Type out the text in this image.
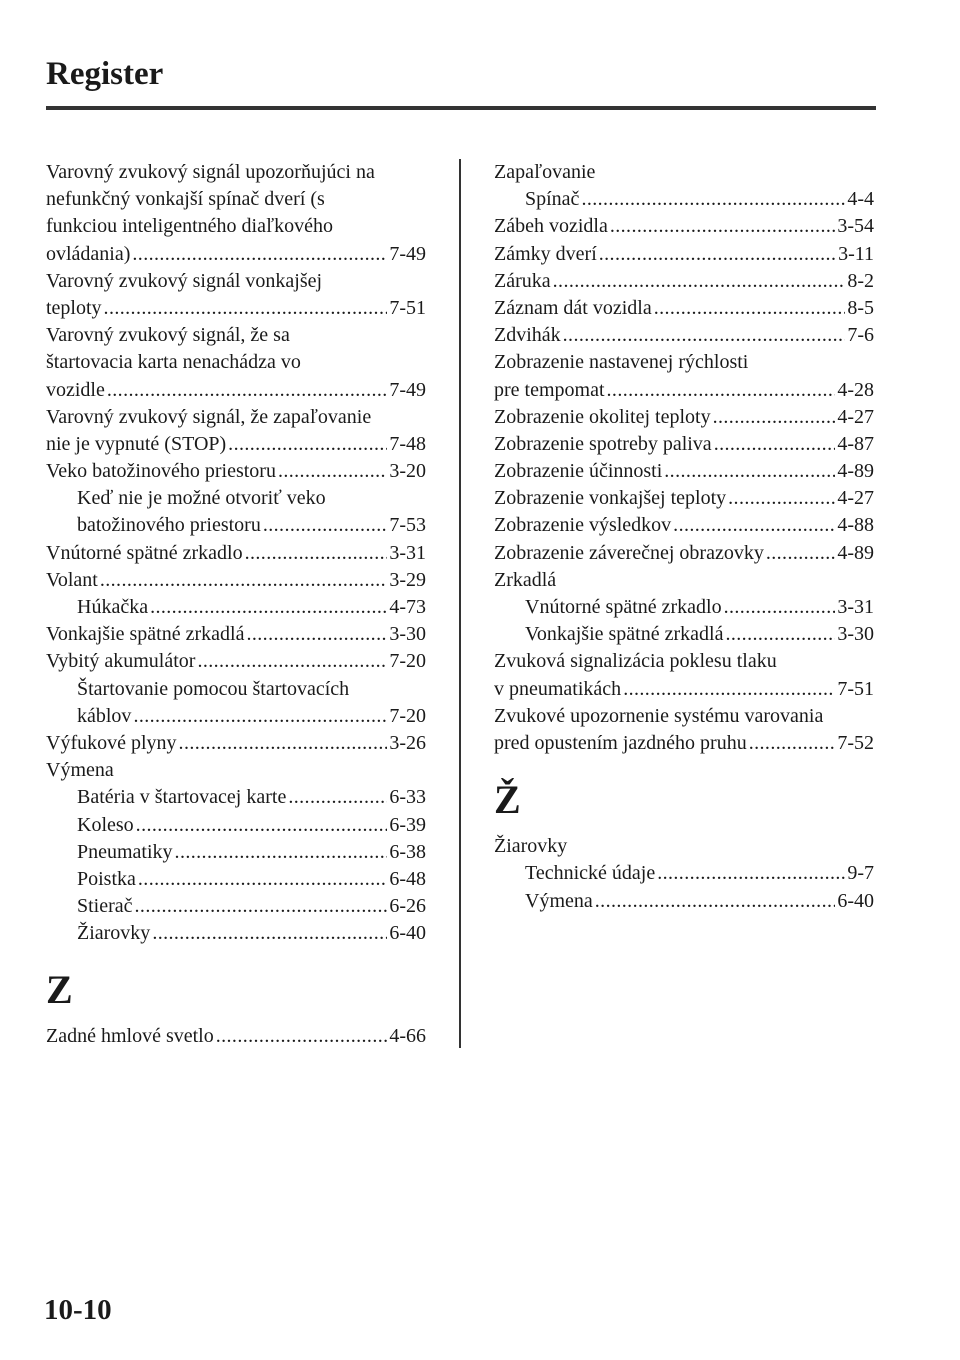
Register
Varovný zvukový signál upozorňujúci na
nefunkčný vonkajší spínač dverí (s
funkciou inteligentného diaľkového
ovládania) .....	7-49
Varovný zvukový signál vonkajšej
teploty .....	7-51
Varovný zvukový signál, že sa
štartovacia karta nenachádza vo
vozidle .....	7-49
Varovný zvukový signál, že zapaľovanie
nie je vypnuté (STOP) .....	7-48
Veko batožinového priestoru .....	3-20
Keď nie je možné otvoriť veko
batožinového priestoru .....	7-53
Vnútorné spätné zrkadlo .....	3-31
Volant .....	3-29
Húkačka .....	4-73
Vonkajšie spätné zrkadlá .....	3-30
Vybitý akumulátor .....	7-20
Štartovanie pomocou štartovacích
káblov .....	7-20
Výfukové plyny .....	3-26
Výmena
Batéria v štartovacej karte .....	6-33
Koleso .....	6-39
Pneumatiky .....	6-38
Poistka .....	6-48
Stierač .....	6-26
Žiarovky .....	6-40
Z
Zadné hmlové svetlo .....	4-66
Zapaľovanie
Spínač .....	4-4
Zábeh vozidla .....	3-54
Zámky dverí .....	3-11
Záruka .....	8-2
Záznam dát vozidla .....	8-5
Zdvihák .....	7-6
Zobrazenie nastavenej rýchlosti
pre tempomat .....	4-28
Zobrazenie okolitej teploty .....	4-27
Zobrazenie spotreby paliva .....	4-87
Zobrazenie účinnosti .....	4-89
Zobrazenie vonkajšej teploty .....	4-27
Zobrazenie výsledkov .....	4-88
Zobrazenie záverečnej obrazovky .....	4-89
Zrkadlá
Vnútorné spätné zrkadlo .....	3-31
Vonkajšie spätné zrkadlá .....	3-30
Zvuková signalizácia poklesu tlaku
v pneumatikách .....	7-51
Zvukové upozornenie systému varovania
pred opustením jazdného pruhu .....	7-52
Ž
Žiarovky
Technické údaje .....	9-7
Výmena .....	6-40
10-10
